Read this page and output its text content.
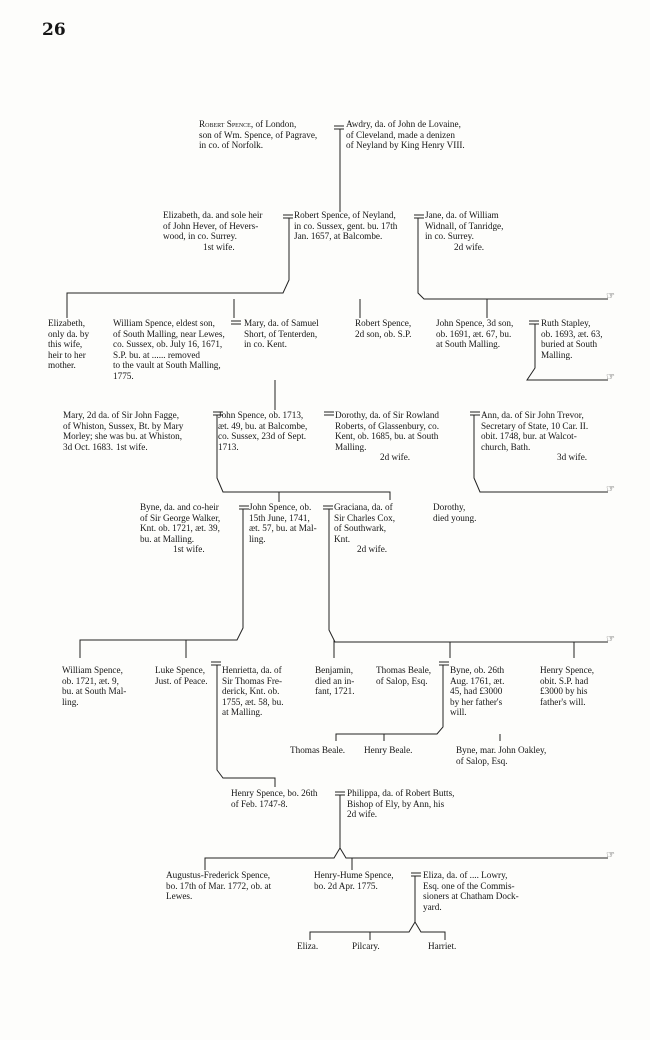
26
☞
☞
☞
☞
☞
Robert Spence, of London,
son of Wm. Spence, of Pagrave,
in co. of Norfolk.
Awdry, da. of John de Lovaine,
of Cleveland, made a denizen
of Neyland by King Henry VIII.
Elizabeth, da. and sole heir
of John Hever, of Hevers-
wood, in co. Surrey.
1st wife.
Robert Spence, of Neyland,
in co. Sussex, gent. bu. 17th
Jan. 1657, at Balcombe.
Jane, da. of William
Widnall, of Tanridge,
in co. Surrey.
2d wife.
Elizabeth,
only da. by
this wife,
heir to her
mother.
William Spence, eldest son,
of South Malling, near Lewes,
co. Sussex, ob. July 16, 1671,
S.P. bu. at ...... removed
to the vault at South Malling,
1775.
Mary, da. of Samuel
Short, of Tenterden,
in co. Kent.
Robert Spence,
2d son, ob. S.P.
John Spence, 3d son,
ob. 1691, æt. 67, bu.
at South Malling.
Ruth Stapley,
ob. 1693, æt. 63,
buried at South
Malling.
Mary, 2d da. of Sir John Fagge,
of Whiston, Sussex, Bt. by Mary
Morley; she was bu. at Whiston,
3d Oct. 1683. 1st wife.
John Spence, ob. 1713,
æt. 49, bu. at Balcombe,
co. Sussex, 23d of Sept.
1713.
Dorothy, da. of Sir Rowland
Roberts, of Glassenbury, co.
Kent, ob. 1685, bu. at South
Malling.
2d wife.
Ann, da. of Sir John Trevor,
Secretary of State, 10 Car. II.
obit. 1748, bur. at Walcot-
church, Bath.
3d wife.
Byne, da. and co-heir
of Sir George Walker,
Knt. ob. 1721, æt. 39,
bu. at Malling.
1st wife.
John Spence, ob.
15th June, 1741,
æt. 57, bu. at Mal-
ling.
Graciana, da. of
Sir Charles Cox,
of Southwark,
Knt.
2d wife.
Dorothy,
died young.
William Spence,
ob. 1721, æt. 9,
bu. at South Mal-
ling.
Luke Spence,
Just. of Peace.
Henrietta, da. of
Sir Thomas Fre-
derick, Knt. ob.
1755, æt. 58, bu.
at Malling.
Benjamin,
died an in-
fant, 1721.
Thomas Beale,
of Salop, Esq.
Byne, ob. 26th
Aug. 1761, æt.
45, had £3000
by her father's
will.
Henry Spence,
obit. S.P. had
£3000 by his
father's will.
Thomas Beale. Henry Beale.	Byne, mar. John Oakley,
of Salop, Esq.
Henry Spence, bo. 26th
of Feb. 1747-8.
Philippa, da. of Robert Butts,
Bishop of Ely, by Ann, his
2d wife.
Augustus-Frederick Spence,
bo. 17th of Mar. 1772, ob. at
Lewes.
Henry-Hume Spence,
bo. 2d Apr. 1775.
Eliza, da. of .... Lowry,
Esq. one of the Commis-
sioners at Chatham Dock-
yard.
Eliza.	Pilcary.	Harriet.
